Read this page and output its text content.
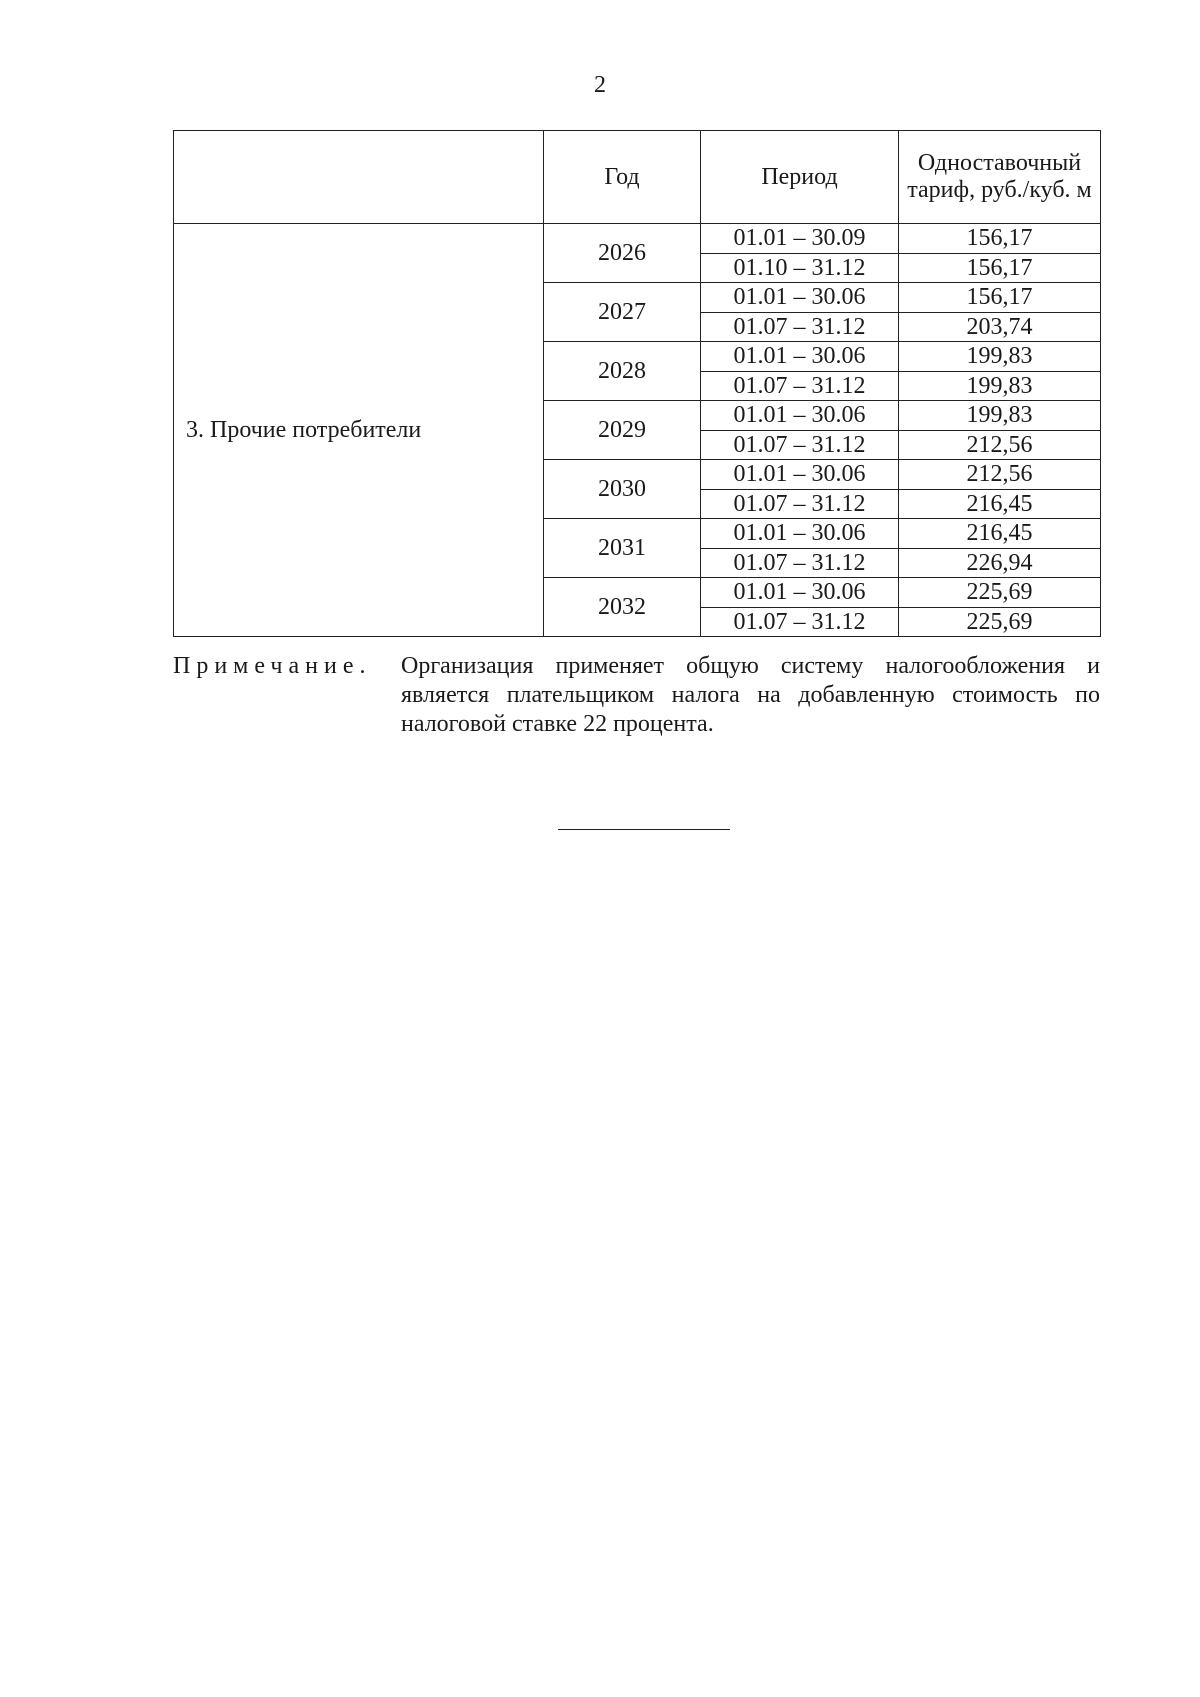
2
	Год	Период	Одноставочный тариф, руб./куб. м
3. Прочие потребители	2026	01.01 – 30.09	156,17
		01.10 – 31.12	156,17
	2027	01.01 – 30.06	156,17
		01.07 – 31.12	203,74
	2028	01.01 – 30.06	199,83
		01.07 – 31.12	199,83
	2029	01.01 – 30.06	199,83
		01.07 – 31.12	212,56
	2030	01.01 – 30.06	212,56
		01.07 – 31.12	216,45
	2031	01.01 – 30.06	216,45
		01.07 – 31.12	226,94
	2032	01.01 – 30.06	225,69
		01.07 – 31.12	225,69
Примечание. Организация применяет общую систему налогообложения и является плательщиком налога на добавленную стоимость по налоговой ставке 22 процента.
